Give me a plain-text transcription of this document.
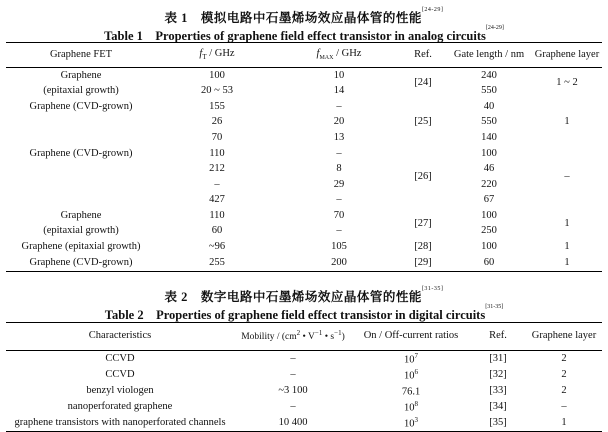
表 1　模拟电路中石墨烯场效应晶体管的性能[24-29]
Table 1　Properties of graphene field effect transistor in analog circuits[24-29]
Graphene FET	$f_T$ / GHz	$f_{MAX}$ / GHz	Ref.	Gate length / nm	Graphene layer
Graphene	100	10	[24]	240	1 ~ 2
(epitaxial growth)	20 ~ 53	14		550	
Graphene (CVD-grown)	155	–	[25]	40	1
Graphene (CVD-grown)	26	20		550	
	70	13		140	
	110	–	[26]	100	–
	212	8		46	
	–	29		220	
	427	–		67	
Graphene	110	70	[27]	100	1
(epitaxial growth)	60	–		250	
Graphene (epitaxial growth)	~96	105	[28]	100	1
Graphene (CVD-grown)	255	200	[29]	60	1
表 2　数字电路中石墨烯场效应晶体管的性能[31-35]
Table 2　Properties of graphene field effect transistor in digital circuits[31-35]
Characteristics	Mobility / ($cm^2$ • $V^{-1}$ • $s^{-1}$)	On / Off-current ratios	Ref.	Graphene layer
CCVD	–	$10^7$	[31]	2
CCVD	–	$10^6$	[32]	2
benzyl viologen	~3 100	76.1	[33]	2
nanoperforated graphene	–	$10^8$	[34]	–
graphene transistors with nanoperforated channels	10 400	$10^3$	[35]	1
